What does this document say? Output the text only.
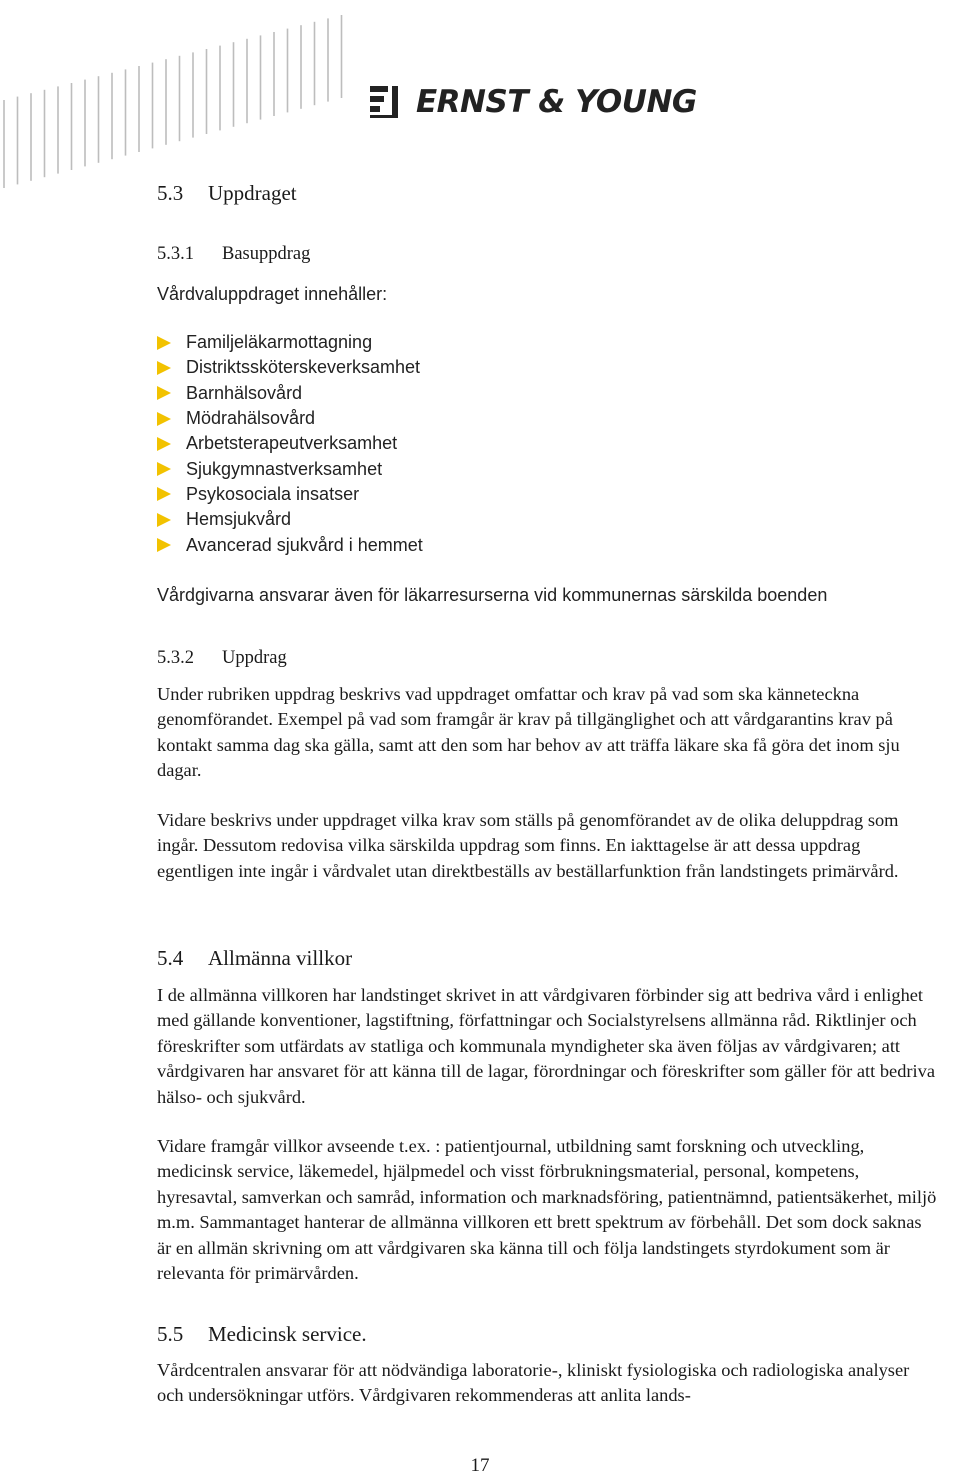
ERNST & YOUNG
5.3	Uppdraget
5.3.1	Basuppdrag

Vårdvaluppdraget innehåller:

Familjeläkarmottagning
Distriktssköterskeverksamhet
Barnhälsovård
Mödrahälsovård
Arbetsterapeutverksamhet
Sjukgymnastverksamhet
Psykosociala insatser
Hemsjukvård
Avancerad sjukvård i hemmet

Vårdgivarna ansvarar även för läkarresurserna vid kommunernas särskilda boenden

5.3.2	Uppdrag

Under rubriken uppdrag beskrivs vad uppdraget omfattar och krav på vad som ska känneteckna genomförandet. Exempel på vad som framgår är krav på tillgänglighet och att vårdgarantins krav på kontakt samma dag ska gälla, samt att den som har behov av att träffa läkare ska få göra det inom sju dagar.

Vidare beskrivs under uppdraget vilka krav som ställs på genomförandet av de olika deluppdrag som ingår. Dessutom redovisa vilka särskilda uppdrag som finns. En iakttagelse är att dessa uppdrag egentligen inte ingår i vårdvalet utan direktbeställs av beställarfunktion från landstingets primärvård.

5.4	Allmänna villkor

I de allmänna villkoren har landstinget skrivet in att vårdgivaren förbinder sig att bedriva vård i enlighet med gällande konventioner, lagstiftning, författningar och Socialstyrelsens allmänna råd. Riktlinjer och föreskrifter som utfärdats av statliga och kommunala myndigheter ska även följas av vårdgivaren; att vårdgivaren har ansvaret för att känna till de lagar, förordningar och föreskrifter som gäller för att bedriva hälso- och sjukvård.

Vidare framgår villkor avseende t.ex. : patientjournal, utbildning samt forskning och utveckling, medicinsk service, läkemedel, hjälpmedel och visst förbrukningsmaterial, personal, kompetens, hyresavtal, samverkan och samråd, information och marknadsföring, patientnämnd, patientsäkerhet, miljö m.m. Sammantaget hanterar de allmänna villkoren ett brett spektrum av förbehåll. Det som dock saknas är en allmän skrivning om att vårdgivaren ska känna till och följa landstingets styrdokument som är relevanta för primärvården.

5.5	Medicinsk service.

Vårdcentralen ansvarar för att nödvändiga laboratorie-, kliniskt fysiologiska och radiologiska analyser och undersökningar utförs. Vårdgivaren rekommenderas att anlita lands-

17
